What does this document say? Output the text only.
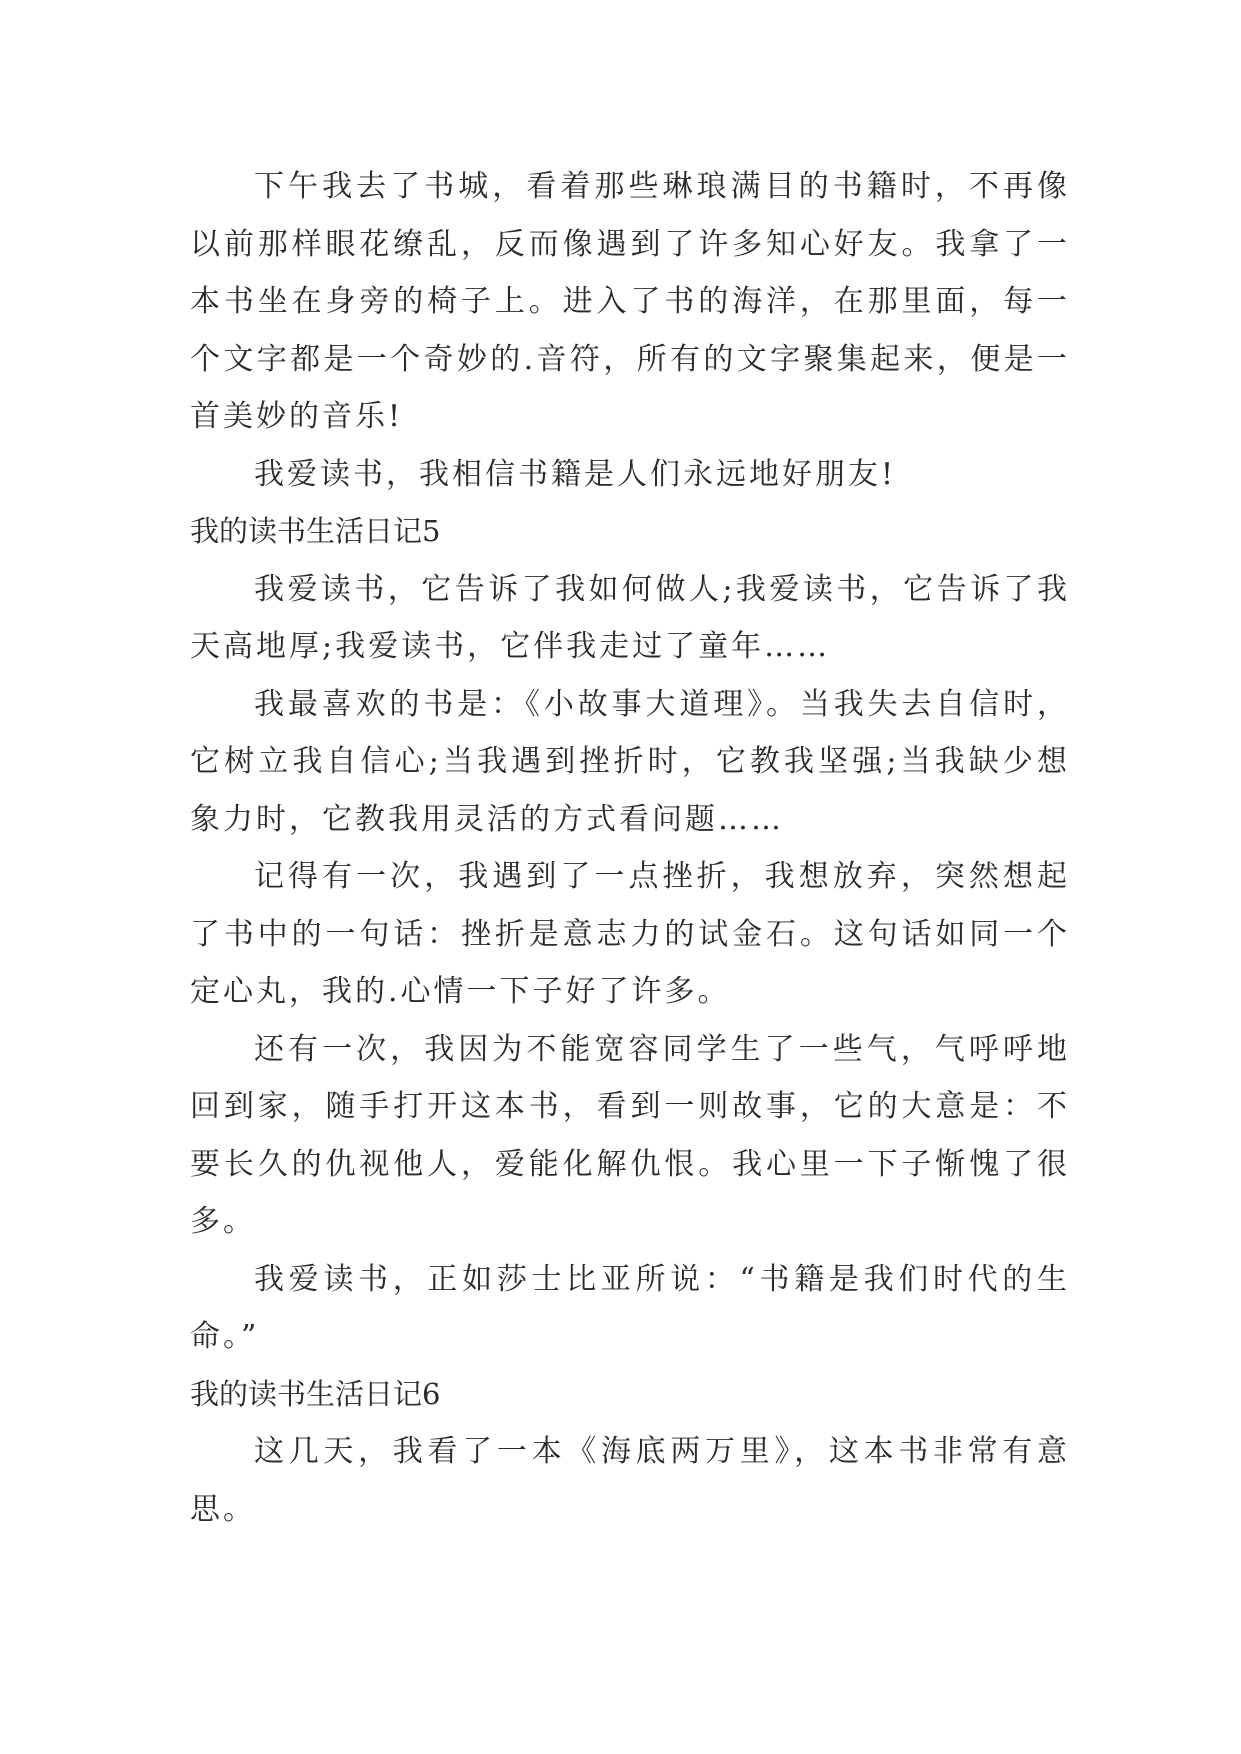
下午我去了书城，看着那些琳琅满目的书籍时，不再像以前那样眼花缭乱，反而像遇到了许多知心好友。我拿了一本书坐在身旁的椅子上。进入了书的海洋，在那里面，每一个文字都是一个奇妙的.音符，所有的文字聚集起来，便是一首美妙的音乐!

我爱读书，我相信书籍是人们永远地好朋友!

我的读书生活日记5

我爱读书，它告诉了我如何做人;我爱读书，它告诉了我天高地厚;我爱读书，它伴我走过了童年……

我最喜欢的书是：《小故事大道理》。当我失去自信时，它树立我自信心;当我遇到挫折时，它教我坚强;当我缺少想象力时，它教我用灵活的方式看问题……

记得有一次，我遇到了一点挫折，我想放弃，突然想起了书中的一句话：挫折是意志力的试金石。这句话如同一个定心丸，我的.心情一下子好了许多。

还有一次，我因为不能宽容同学生了一些气，气呼呼地回到家，随手打开这本书，看到一则故事，它的大意是：不要长久的仇视他人，爱能化解仇恨。我心里一下子惭愧了很多。

我爱读书，正如莎士比亚所说：“书籍是我们时代的生命。”

我的读书生活日记6

这几天，我看了一本《海底两万里》，这本书非常有意思。
